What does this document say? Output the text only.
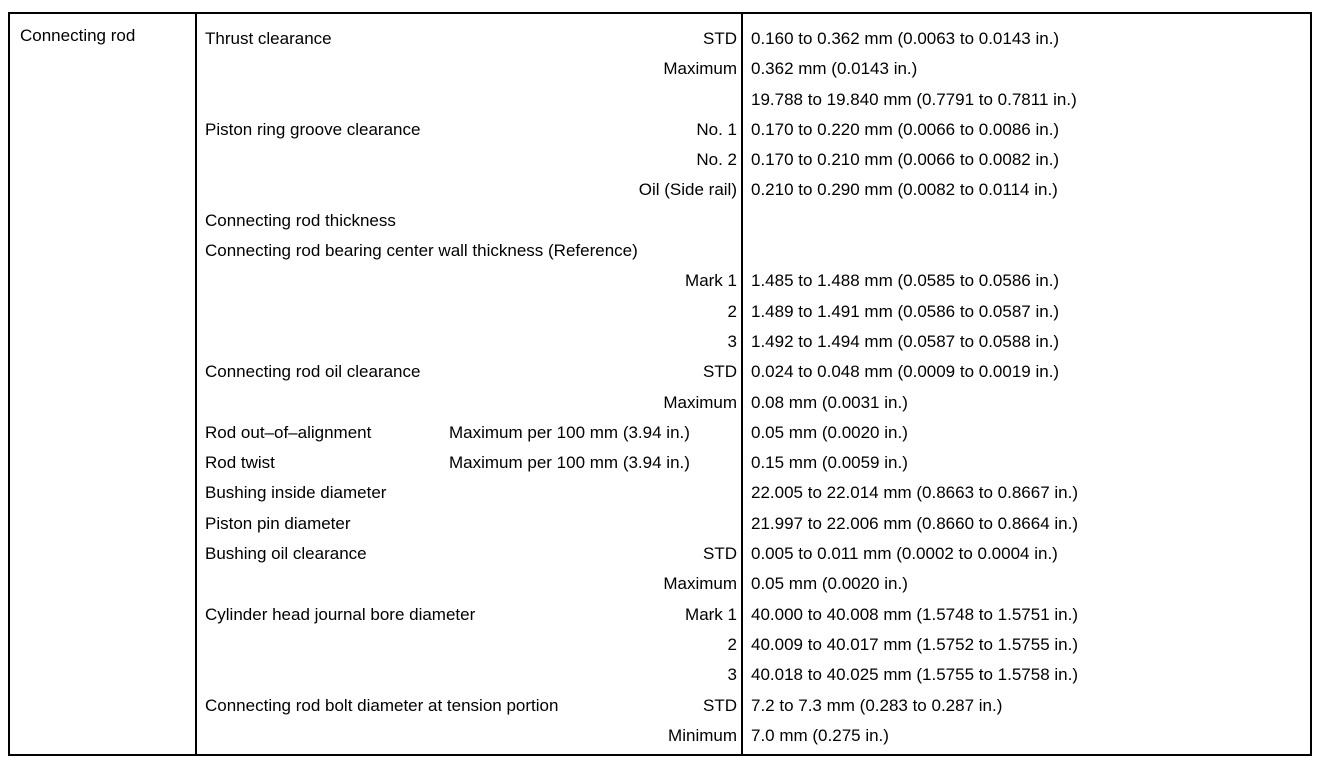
Connecting rod	Thrust clearance	STD 0.160 to 0.362 mm (0.0063 to 0.0143 in.)
Maximum 0.362 mm (0.0143 in.)
19.788 to 19.840 mm (0.7791 to 0.7811 in.)
Piston ring groove clearance	No. 1 0.170 to 0.220 mm (0.0066 to 0.0086 in.)
No. 2 0.170 to 0.210 mm (0.0066 to 0.0082 in.)
Oil (Side rail) 0.210 to 0.290 mm (0.0082 to 0.0114 in.)
Connecting rod thickness
Connecting rod bearing center wall thickness (Reference)
Mark 1 1.485 to 1.488 mm (0.0585 to 0.0586 in.)
2 1.489 to 1.491 mm (0.0586 to 0.0587 in.)
3 1.492 to 1.494 mm (0.0587 to 0.0588 in.)
Connecting rod oil clearance	STD 0.024 to 0.048 mm (0.0009 to 0.0019 in.)
Maximum 0.08 mm (0.0031 in.)
Rod out–of–alignment	Maximum per 100 mm (3.94 in.)	0.05 mm (0.0020 in.)
Rod twist	Maximum per 100 mm (3.94 in.)	0.15 mm (0.0059 in.)
Bushing inside diameter	22.005 to 22.014 mm (0.8663 to 0.8667 in.)
Piston pin diameter	21.997 to 22.006 mm (0.8660 to 0.8664 in.)
Bushing oil clearance	STD 0.005 to 0.011 mm (0.0002 to 0.0004 in.)
Maximum 0.05 mm (0.0020 in.)
Cylinder head journal bore diameter	Mark 1 40.000 to 40.008 mm (1.5748 to 1.5751 in.)
2 40.009 to 40.017 mm (1.5752 to 1.5755 in.)
3 40.018 to 40.025 mm (1.5755 to 1.5758 in.)
Connecting rod bolt diameter at tension portion	STD 7.2 to 7.3 mm (0.283 to 0.287 in.)
Minimum 7.0 mm (0.275 in.)
